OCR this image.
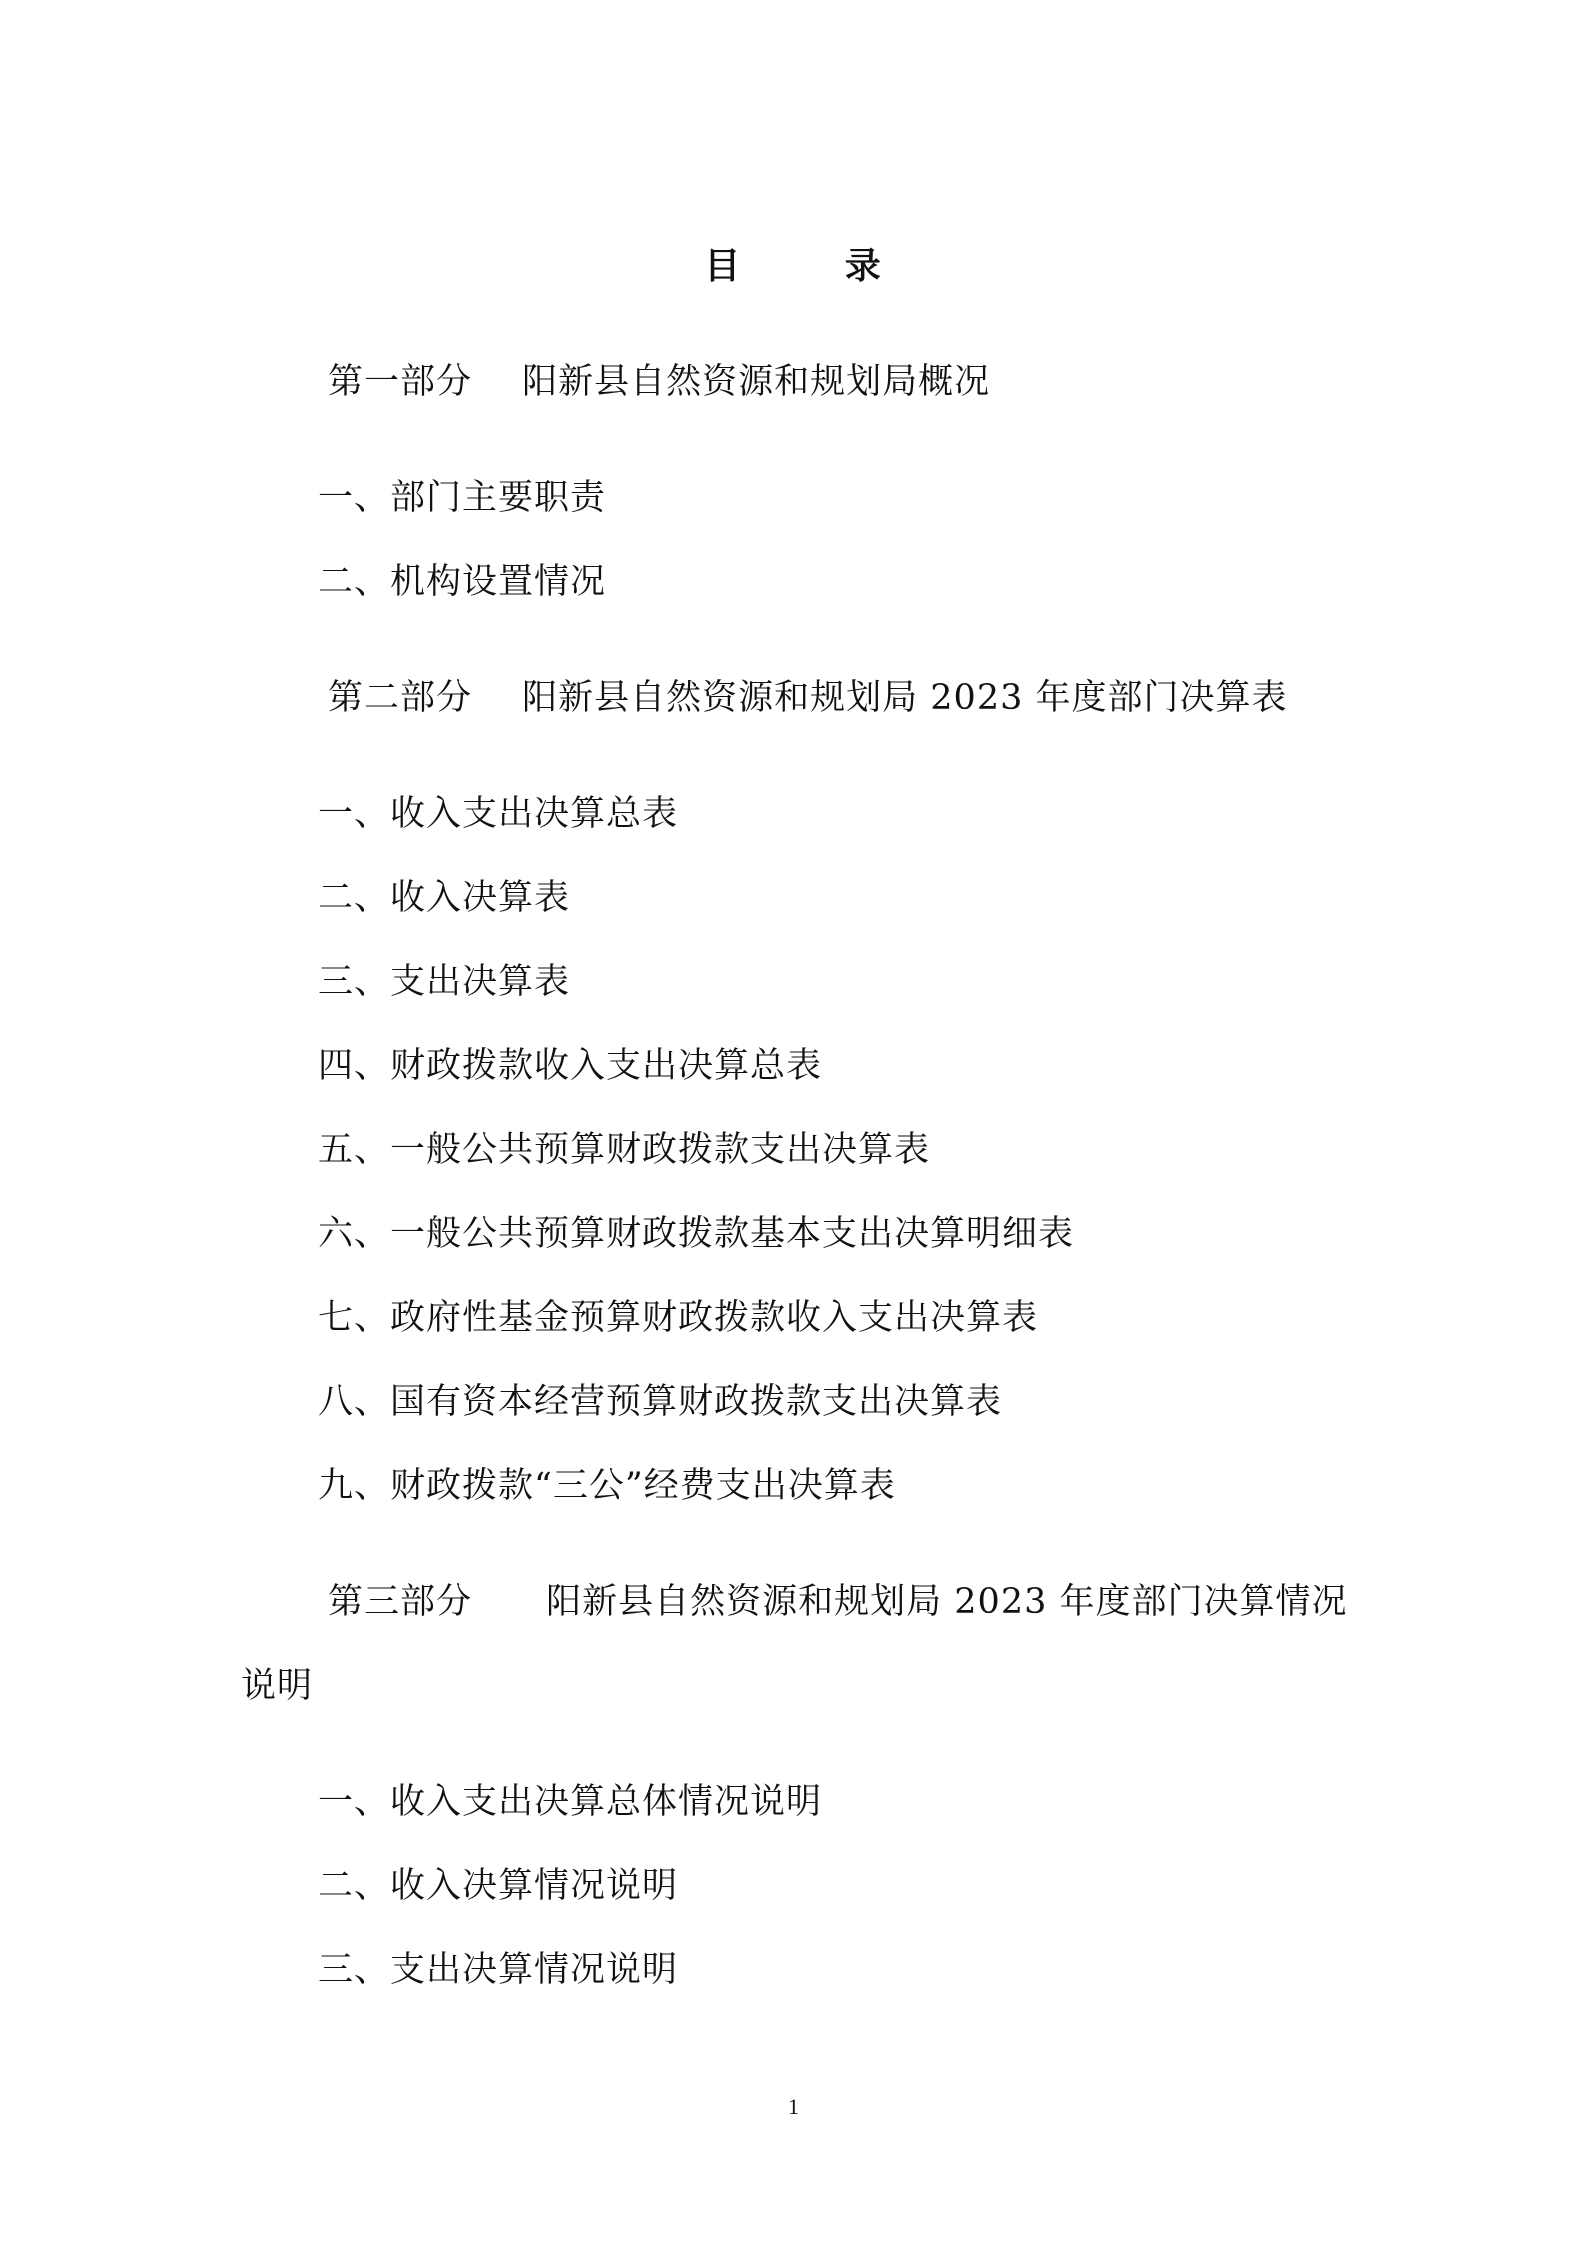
目	录
第一部分 阳新县自然资源和规划局概况
一、部门主要职责
二、机构设置情况
第二部分 阳新县自然资源和规划局 2023 年度部门决算表
一、收入支出决算总表
二、收入决算表
三、支出决算表
四、财政拨款收入支出决算总表
五、一般公共预算财政拨款支出决算表
六、一般公共预算财政拨款基本支出决算明细表
七、政府性基金预算财政拨款收入支出决算表
八、国有资本经营预算财政拨款支出决算表
九、财政拨款“三公”经费支出决算表
第三部分 阳新县自然资源和规划局 2023 年度部门决算情况
说明
一、收入支出决算总体情况说明
二、收入决算情况说明
三、支出决算情况说明
1
